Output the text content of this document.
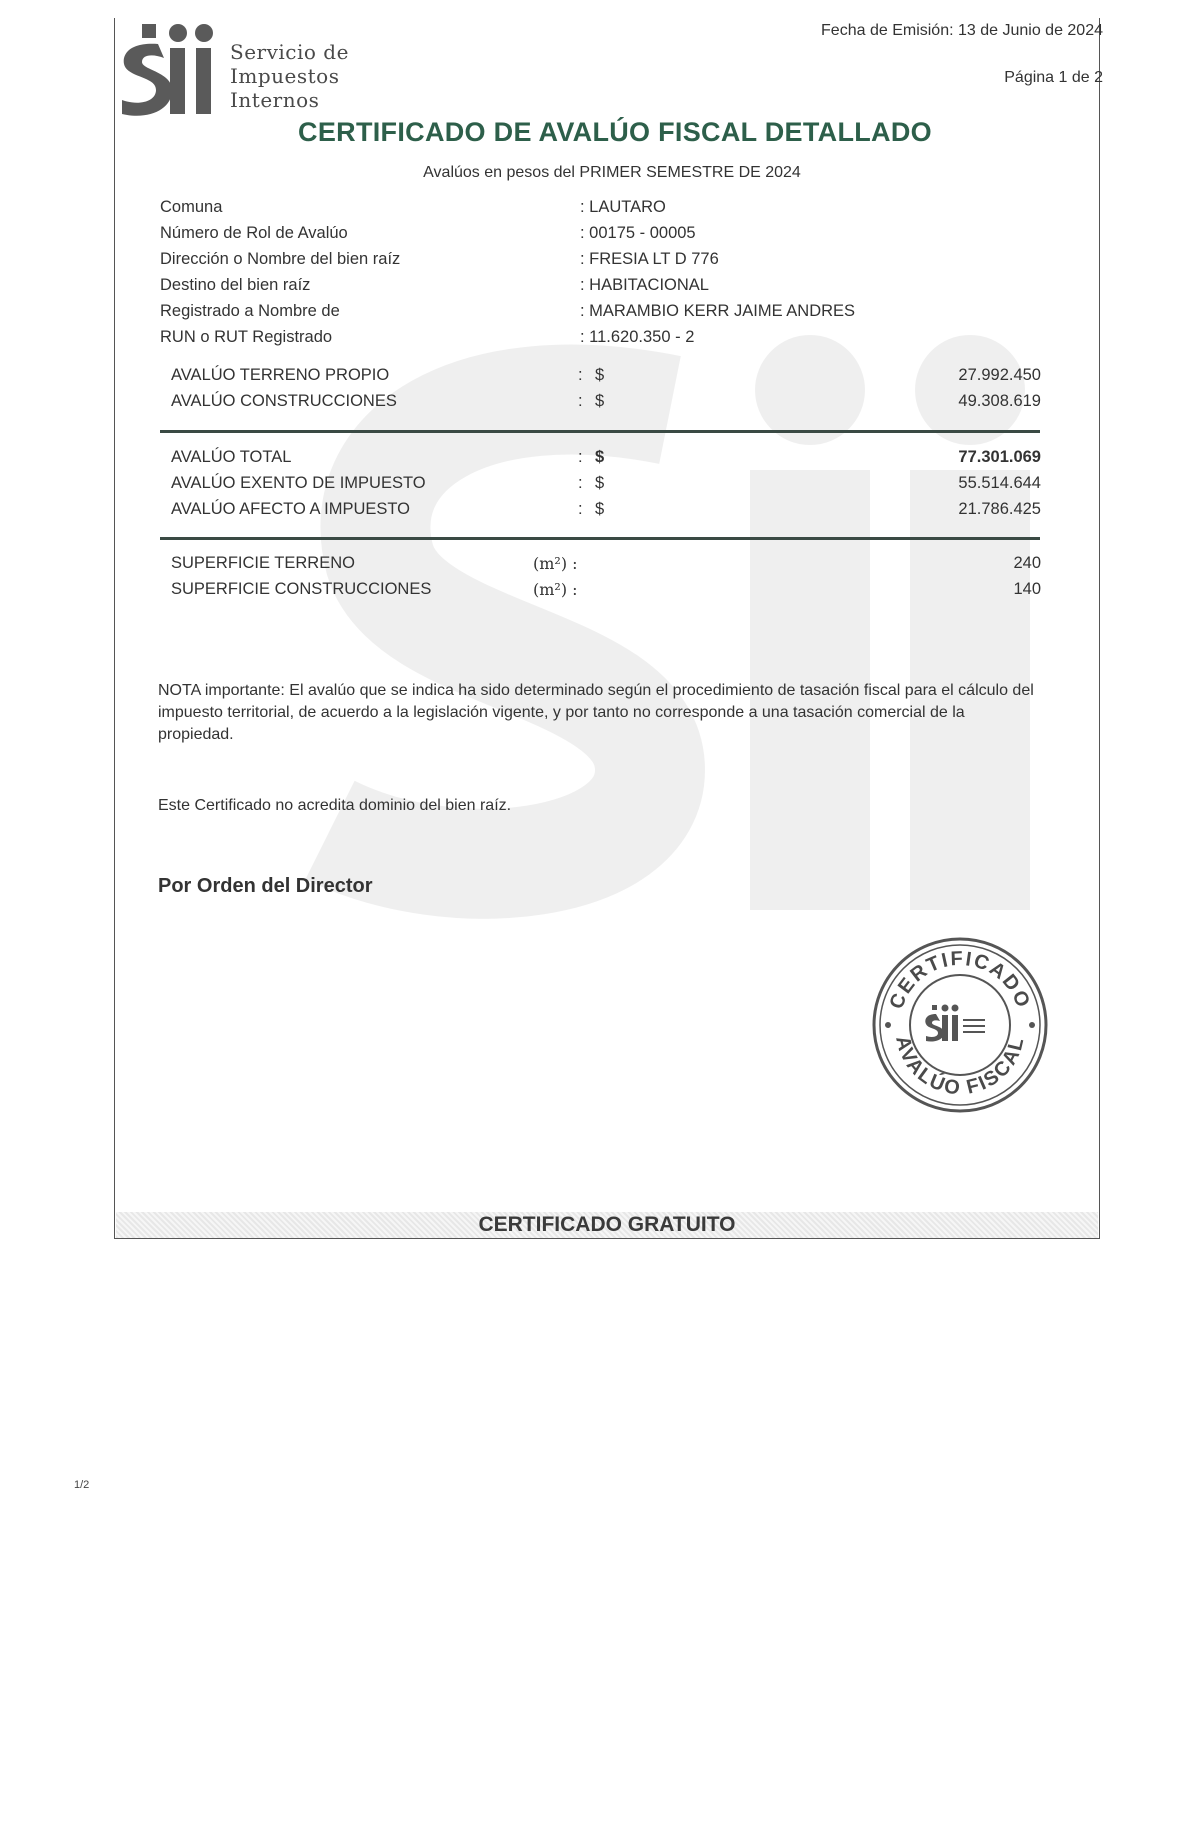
Servicio de
Impuestos
Internos
Fecha de Emisión: 13 de Junio de 2024
Página 1 de 2
CERTIFICADO DE AVALÚO FISCAL DETALLADO
Avalúos en pesos del PRIMER SEMESTRE DE 2024
Comuna	: LAUTARO
Número de Rol de Avalúo	: 00175 - 00005
Dirección o Nombre del bien raíz	: FRESIA LT D 776
Destino del bien raíz	: HABITACIONAL
Registrado a Nombre de	: MARAMBIO KERR JAIME ANDRES
RUN o RUT Registrado	: 11.620.350 - 2
AVALÚO TERRENO PROPIO	: $	27.992.450
AVALÚO CONSTRUCCIONES	: $	49.308.619
AVALÚO TOTAL	: $	77.301.069
AVALÚO EXENTO DE IMPUESTO	: $	55.514.644
AVALÚO AFECTO A IMPUESTO	: $	21.786.425
SUPERFICIE TERRENO	(m²) :	240
SUPERFICIE CONSTRUCCIONES	(m²) :	140
NOTA importante: El avalúo que se indica ha sido determinado según el procedimiento de tasación fiscal para el cálculo del impuesto territorial, de acuerdo a la legislación vigente, y por tanto no corresponde a una tasación comercial de la propiedad.
Este Certificado no acredita dominio del bien raíz.
Por Orden del Director
CERTIFICADO
AVALÚO FISCAL
CERTIFICADO GRATUITO
1/2
